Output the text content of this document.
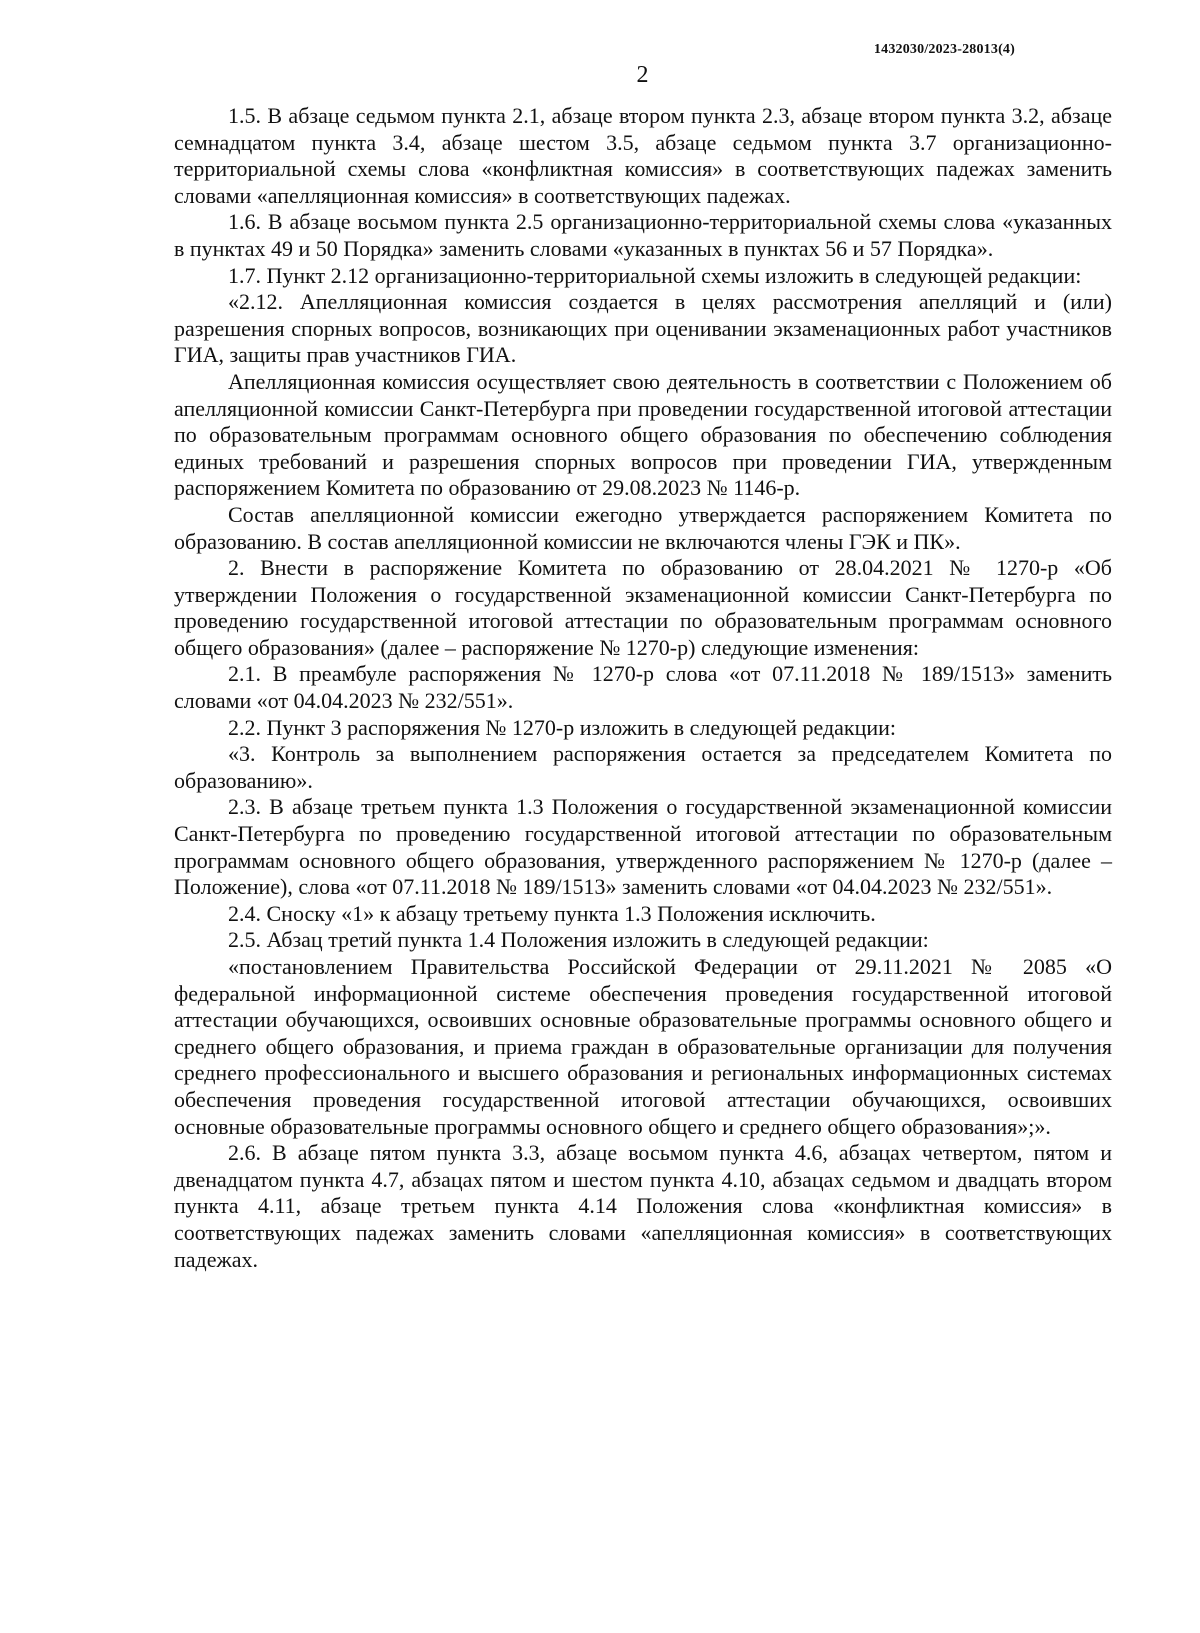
1432030/2023-28013(4)
2

1.5. В абзаце седьмом пункта 2.1, абзаце втором пункта 2.3, абзаце втором пункта 3.2, абзаце семнадцатом пункта 3.4, абзаце шестом 3.5, абзаце седьмом пункта 3.7 организационно-территориальной схемы слова «конфликтная комиссия» в соответствующих падежах заменить словами «апелляционная комиссия» в соответствующих падежах.

1.6. В абзаце восьмом пункта 2.5 организационно-территориальной схемы слова «указанных в пунктах 49 и 50 Порядка» заменить словами «указанных в пунктах 56 и 57 Порядка».

1.7. Пункт 2.12 организационно-территориальной схемы изложить в следующей редакции:

«2.12. Апелляционная комиссия создается в целях рассмотрения апелляций и (или) разрешения спорных вопросов, возникающих при оценивании экзаменационных работ участников ГИА, защиты прав участников ГИА.

Апелляционная комиссия осуществляет свою деятельность в соответствии с Положением об апелляционной комиссии Санкт-Петербурга при проведении государственной итоговой аттестации по образовательным программам основного общего образования по обеспечению соблюдения единых требований и разрешения спорных вопросов при проведении ГИА, утвержденным распоряжением Комитета по образованию от 29.08.2023 № 1146-р.

Состав апелляционной комиссии ежегодно утверждается распоряжением Комитета по образованию. В состав апелляционной комиссии не включаются члены ГЭК и ПК».

2. Внести в распоряжение Комитета по образованию от 28.04.2021 № 1270-р «Об утверждении Положения о государственной экзаменационной комиссии Санкт-Петербурга по проведению государственной итоговой аттестации по образовательным программам основного общего образования» (далее – распоряжение № 1270-р) следующие изменения:

2.1. В преамбуле распоряжения № 1270-р слова «от 07.11.2018 № 189/1513» заменить словами «от 04.04.2023 № 232/551».

2.2. Пункт 3 распоряжения № 1270-р изложить в следующей редакции:

«3. Контроль за выполнением распоряжения остается за председателем Комитета по образованию».

2.3. В абзаце третьем пункта 1.3 Положения о государственной экзаменационной комиссии Санкт-Петербурга по проведению государственной итоговой аттестации по образовательным программам основного общего образования, утвержденного распоряжением № 1270-р (далее – Положение), слова «от 07.11.2018 № 189/1513» заменить словами «от 04.04.2023 № 232/551».

2.4. Сноску «1» к абзацу третьему пункта 1.3 Положения исключить.

2.5. Абзац третий пункта 1.4 Положения изложить в следующей редакции:

«постановлением Правительства Российской Федерации от 29.11.2021 № 2085 «О федеральной информационной системе обеспечения проведения государственной итоговой аттестации обучающихся, освоивших основные образовательные программы основного общего и среднего общего образования, и приема граждан в образовательные организации для получения среднего профессионального и высшего образования и региональных информационных системах обеспечения проведения государственной итоговой аттестации обучающихся, освоивших основные образовательные программы основного общего и среднего общего образования»;».

2.6. В абзаце пятом пункта 3.3, абзаце восьмом пункта 4.6, абзацах четвертом, пятом и двенадцатом пункта 4.7, абзацах пятом и шестом пункта 4.10, абзацах седьмом и двадцать втором пункта 4.11, абзаце третьем пункта 4.14 Положения слова «конфликтная комиссия» в соответствующих падежах заменить словами «апелляционная комиссия» в соответствующих падежах.
